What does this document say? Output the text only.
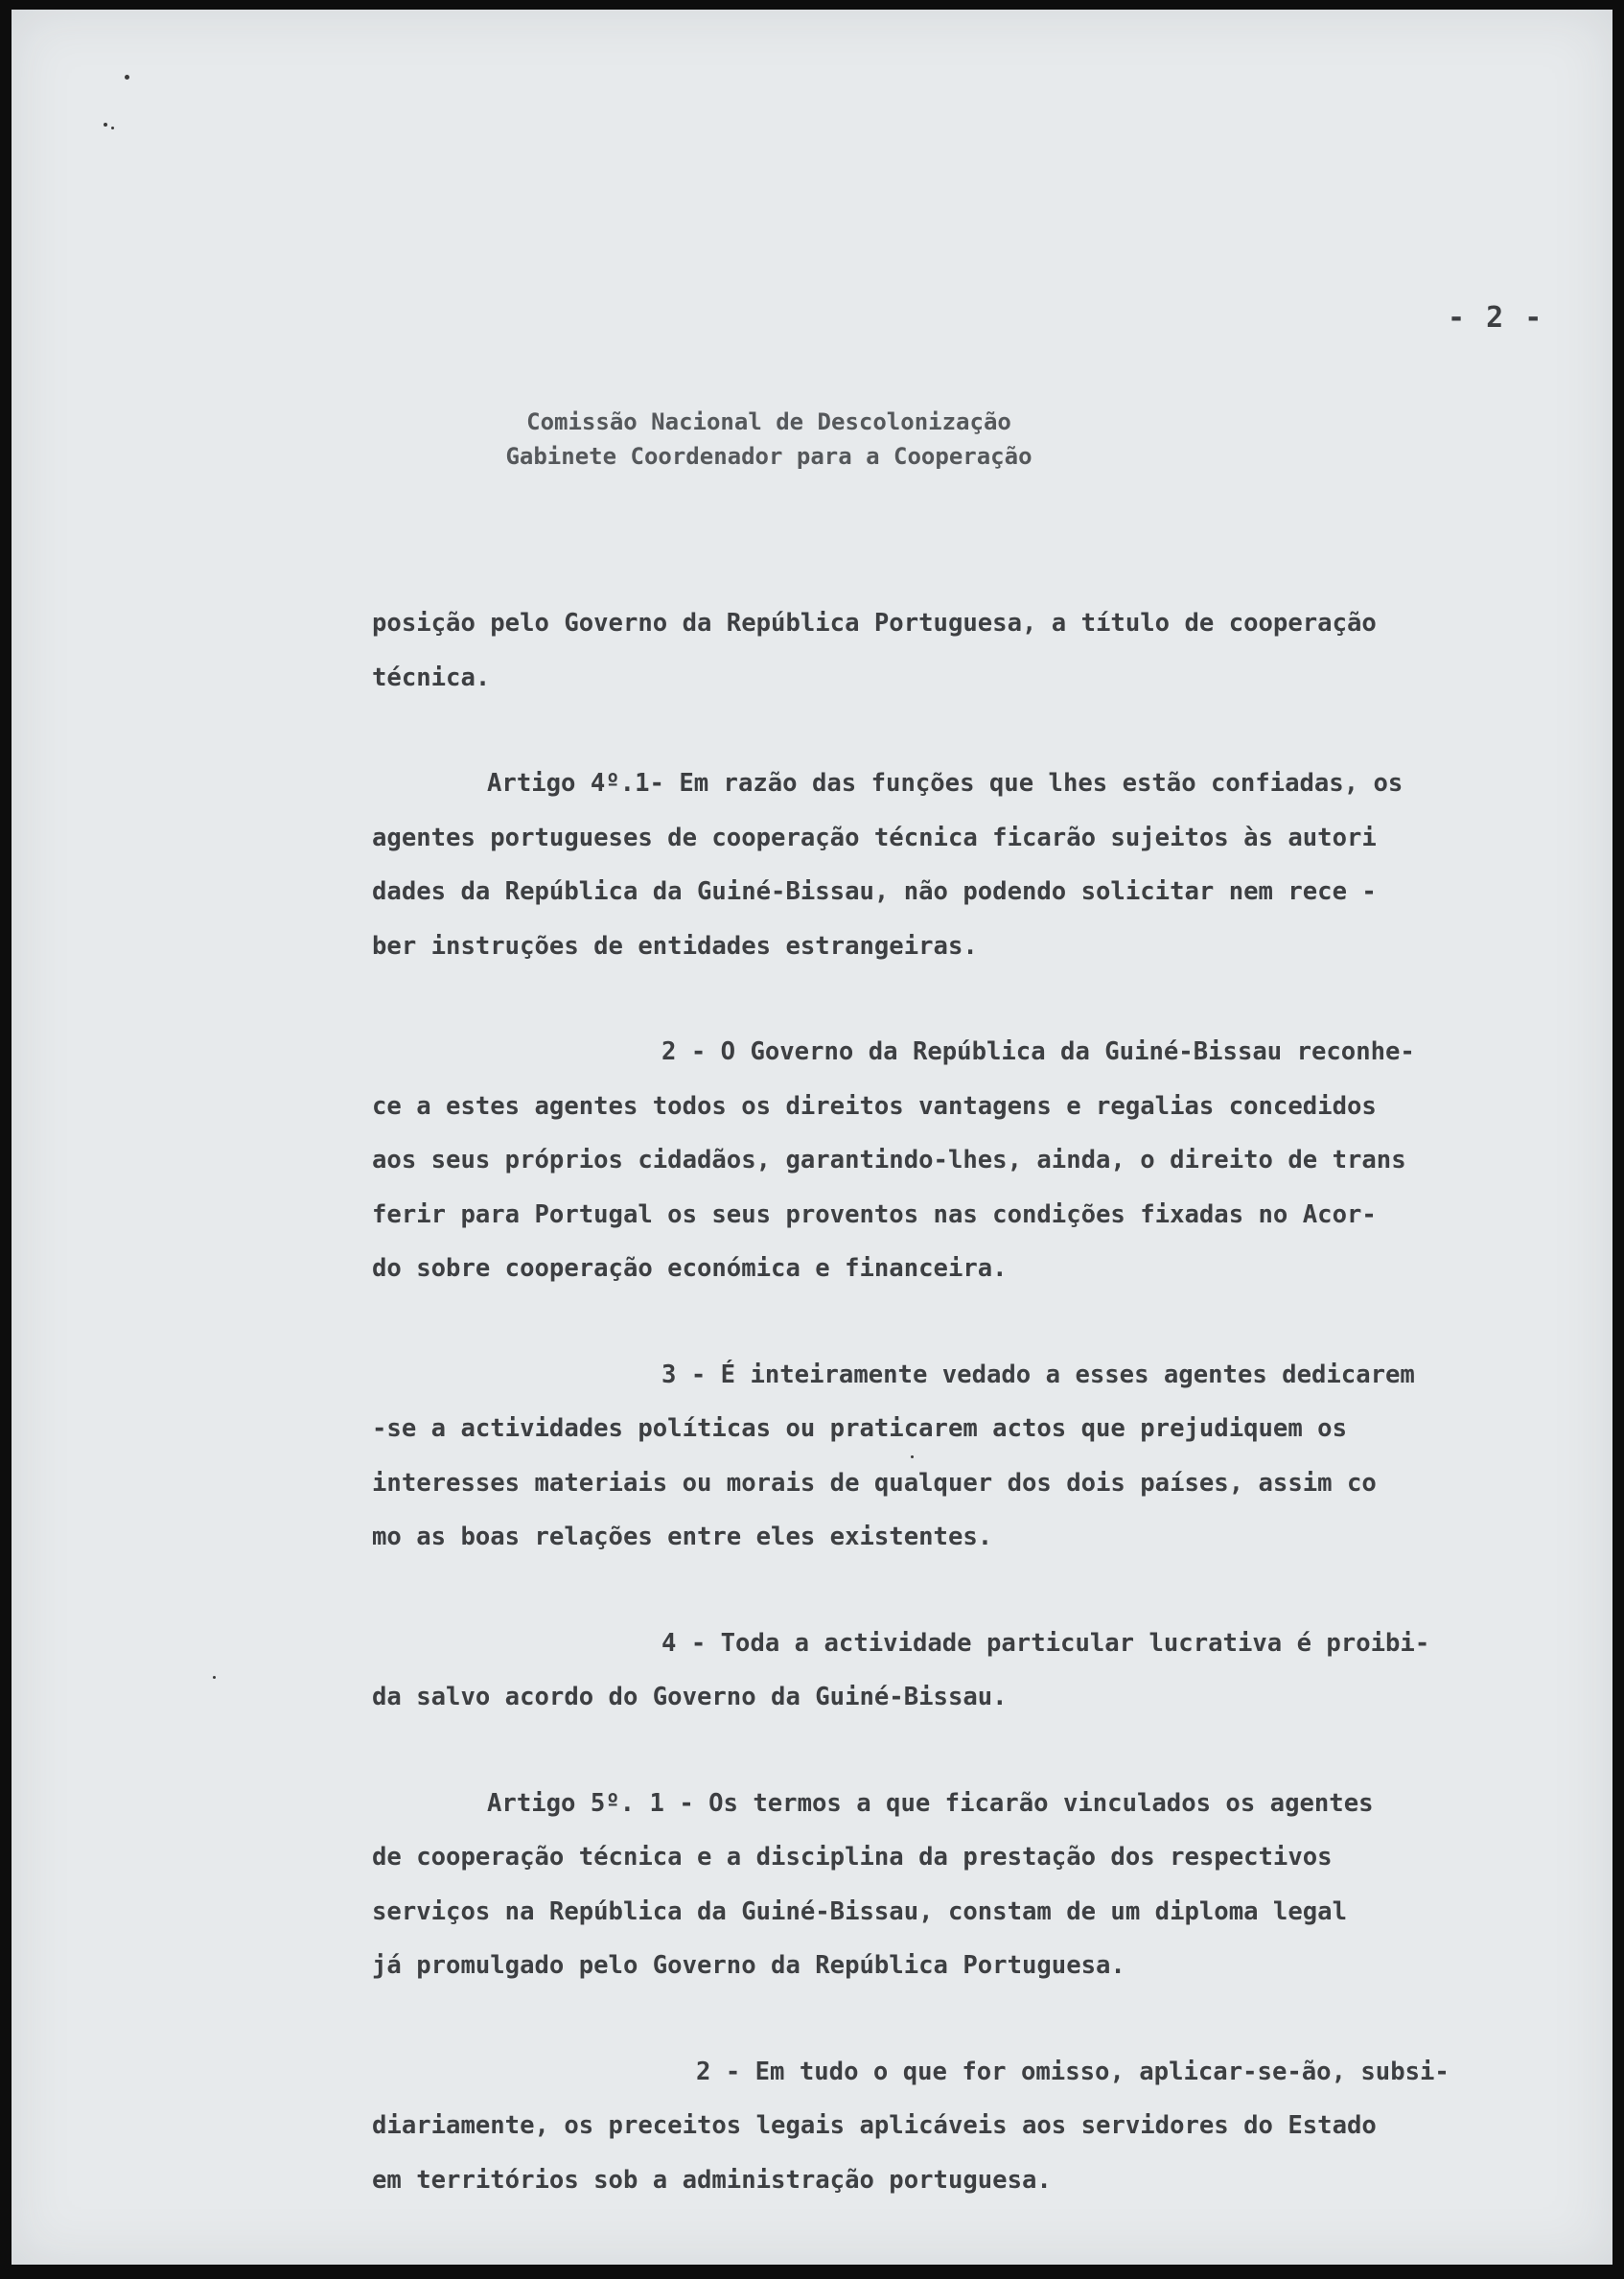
- 2 -
Comissão Nacional de Descolonização
Gabinete Coordenador para a Cooperação
posição pelo Governo da República Portuguesa, a título de cooperação
técnica.
Artigo 4º.1- Em razão das funções que lhes estão confiadas, os
agentes portugueses de cooperação técnica ficarão sujeitos às autori
dades da República da Guiné-Bissau, não podendo solicitar nem rece -
ber instruções de entidades estrangeiras.
2 - O Governo da República da Guiné-Bissau reconhe-
ce a estes agentes todos os direitos vantagens e regalias concedidos
aos seus próprios cidadãos, garantindo-lhes, ainda, o direito de trans
ferir para Portugal os seus proventos nas condições fixadas no Acor-
do sobre cooperação económica e financeira.
3 - É inteiramente vedado a esses agentes dedicarem
-se a actividades políticas ou praticarem actos que prejudiquem os
interesses materiais ou morais de qualquer dos dois países, assim co
mo as boas relações entre eles existentes.
4 - Toda a actividade particular lucrativa é proibi-
da salvo acordo do Governo da Guiné-Bissau.
Artigo 5º. 1 - Os termos a que ficarão vinculados os agentes
de cooperação técnica e a disciplina da prestação dos respectivos
serviços na República da Guiné-Bissau, constam de um diploma legal
já promulgado pelo Governo da República Portuguesa.
2 - Em tudo o que for omisso, aplicar-se-ão, subsi-
diariamente, os preceitos legais aplicáveis aos servidores do Estado
em territórios sob a administração portuguesa.
